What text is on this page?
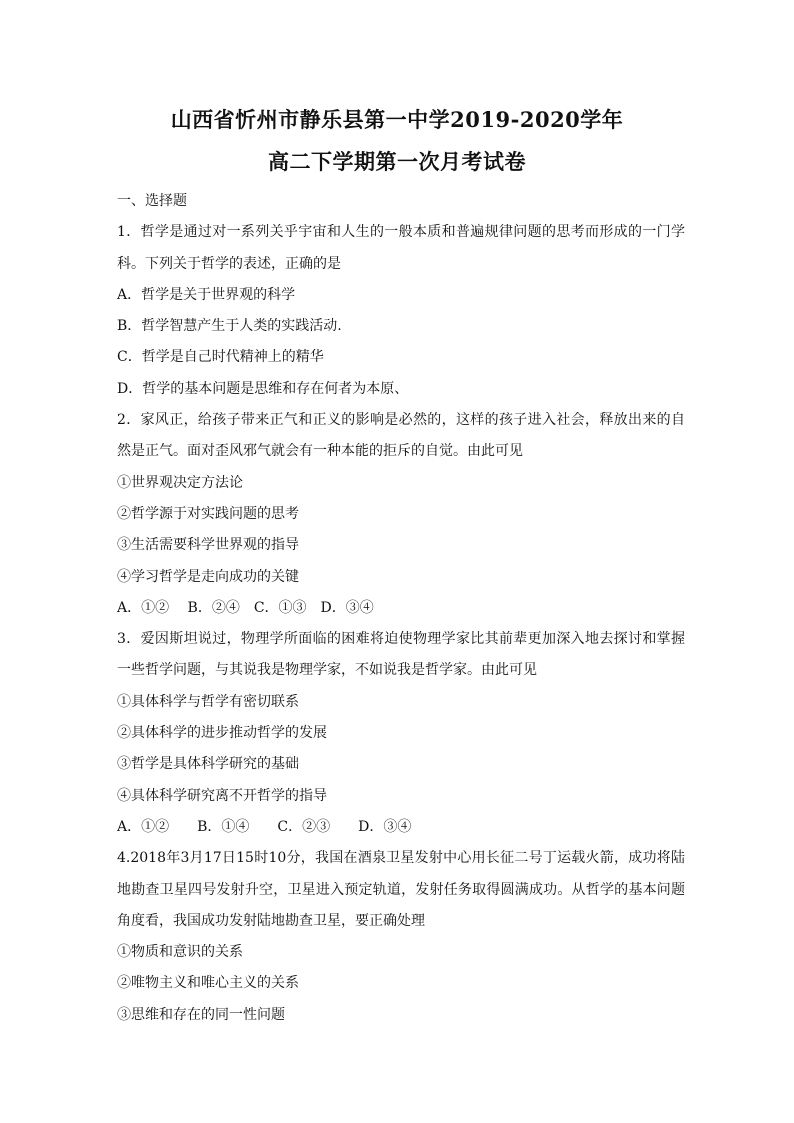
山西省忻州市静乐县第一中学2019-2020学年
高二下学期第一次月考试卷
一、选择题
1．哲学是通过对一系列关乎宇宙和人生的一般本质和普遍规律问题的思考而形成的一门学科。下列关于哲学的表述，正确的是
A．哲学是关于世界观的科学
B．哲学智慧产生于人类的实践活动.
C．哲学是自己时代精神上的精华
D．哲学的基本问题是思维和存在何者为本原、
2．家风正，给孩子带来正气和正义的影响是必然的，这样的孩子进入社会，释放出来的自然是正气。面对歪风邪气就会有一种本能的拒斥的自觉。由此可见
①世界观决定方法论
②哲学源于对实践问题的思考
③生活需要科学世界观的指导
④学习哲学是走向成功的关键
A．①②　 B．②④　C．①③　D．③④
3．爱因斯坦说过，物理学所面临的困难将迫使物理学家比其前辈更加深入地去探讨和掌握一些哲学问题，与其说我是物理学家，不如说我是哲学家。由此可见
①具体科学与哲学有密切联系
②具体科学的进步推动哲学的发展
③哲学是具体科学研究的基础
④具体科学研究离不开哲学的指导
A．①②　　B．①④　　C．②③　　D．③④
4.2018年3月17日15时10分，我国在酒泉卫星发射中心用长征二号丁运载火箭，成功将陆地勘查卫星四号发射升空，卫星进入预定轨道，发射任务取得圆满成功。从哲学的基本问题角度看，我国成功发射陆地勘查卫星，要正确处理
①物质和意识的关系
②唯物主义和唯心主义的关系
③思维和存在的同一性问题
